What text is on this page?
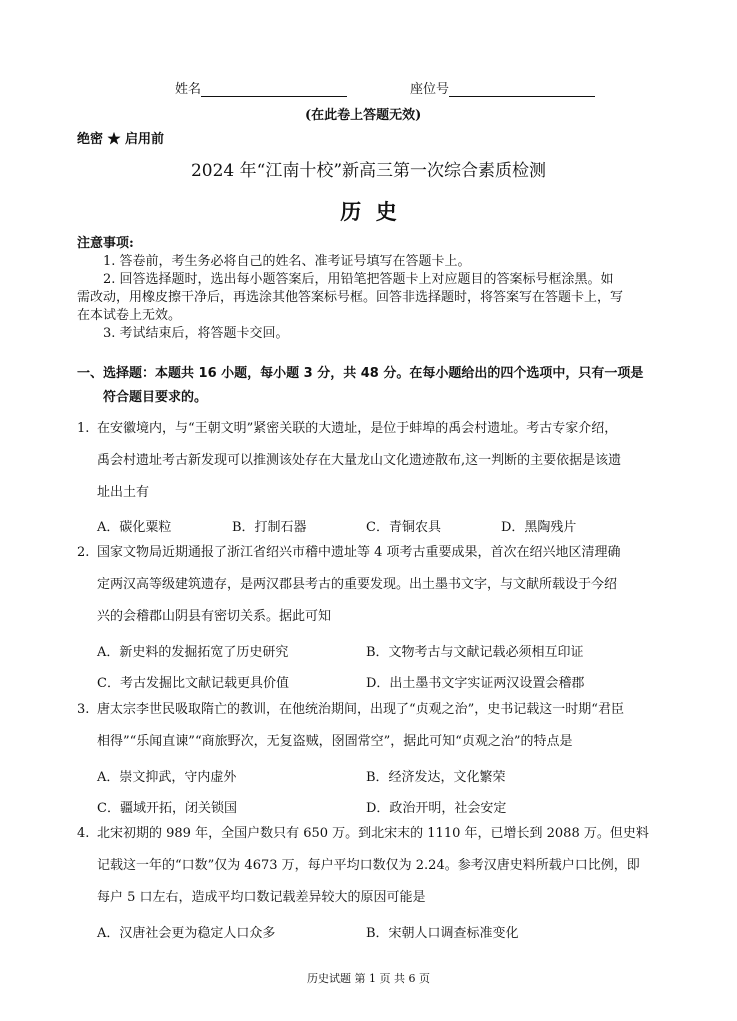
姓名	座位号
(在此卷上答题无效)
绝密 ★ 启用前
2024 年“江南十校”新高三第一次综合素质检测
历  史
注意事项:
1. 答卷前，考生务必将自己的姓名、准考证号填写在答题卡上。
2. 回答选择题时，选出每小题答案后，用铅笔把答题卡上对应题目的答案标号框涂黑。如
需改动，用橡皮擦干净后，再选涂其他答案标号框。回答非选择题时，将答案写在答题卡上，写
在本试卷上无效。
3. 考试结束后，将答题卡交回。
一、选择题：本题共 16 小题，每小题 3 分，共 48 分。在每小题给出的四个选项中，只有一项是
符合题目要求的。
1. 在安徽境内，与“王朝文明”紧密关联的大遗址，是位于蚌埠的禹会村遗址。考古专家介绍，
禹会村遗址考古新发现可以推测该处存在大量龙山文化遗迹散布,这一判断的主要依据是该遗
址出土有
A．碳化粟粒	B．打制石器	C．青铜农具	D．黑陶残片
2. 国家文物局近期通报了浙江省绍兴市稽中遗址等 4 项考古重要成果，首次在绍兴地区清理确
定两汉高等级建筑遗存，是两汉郡县考古的重要发现。出土墨书文字，与文献所载设于今绍
兴的会稽郡山阴县有密切关系。据此可知
A．新史料的发掘拓宽了历史研究	B．文物考古与文献记载必须相互印证
C．考古发掘比文献记载更具价值	D．出土墨书文字实证两汉设置会稽郡
3. 唐太宗李世民吸取隋亡的教训，在他统治期间，出现了“贞观之治”，史书记载这一时期“君臣
相得”“乐闻直谏”“商旅野次，无复盗贼，囹圄常空”，据此可知“贞观之治”的特点是
A．崇文抑武，守内虚外	B．经济发达，文化繁荣
C．疆域开拓，闭关锁国	D．政治开明，社会安定
4. 北宋初期的 989 年，全国户数只有 650 万。到北宋末的 1110 年，已增长到 2088 万。但史料
记载这一年的“口数”仅为 4673 万，每户平均口数仅为 2.24。参考汉唐史料所载户口比例，即
每户 5 口左右，造成平均口数记载差异较大的原因可能是
A．汉唐社会更为稳定人口众多	B．宋朝人口调查标准变化
历史试题 第 1 页 共 6 页
